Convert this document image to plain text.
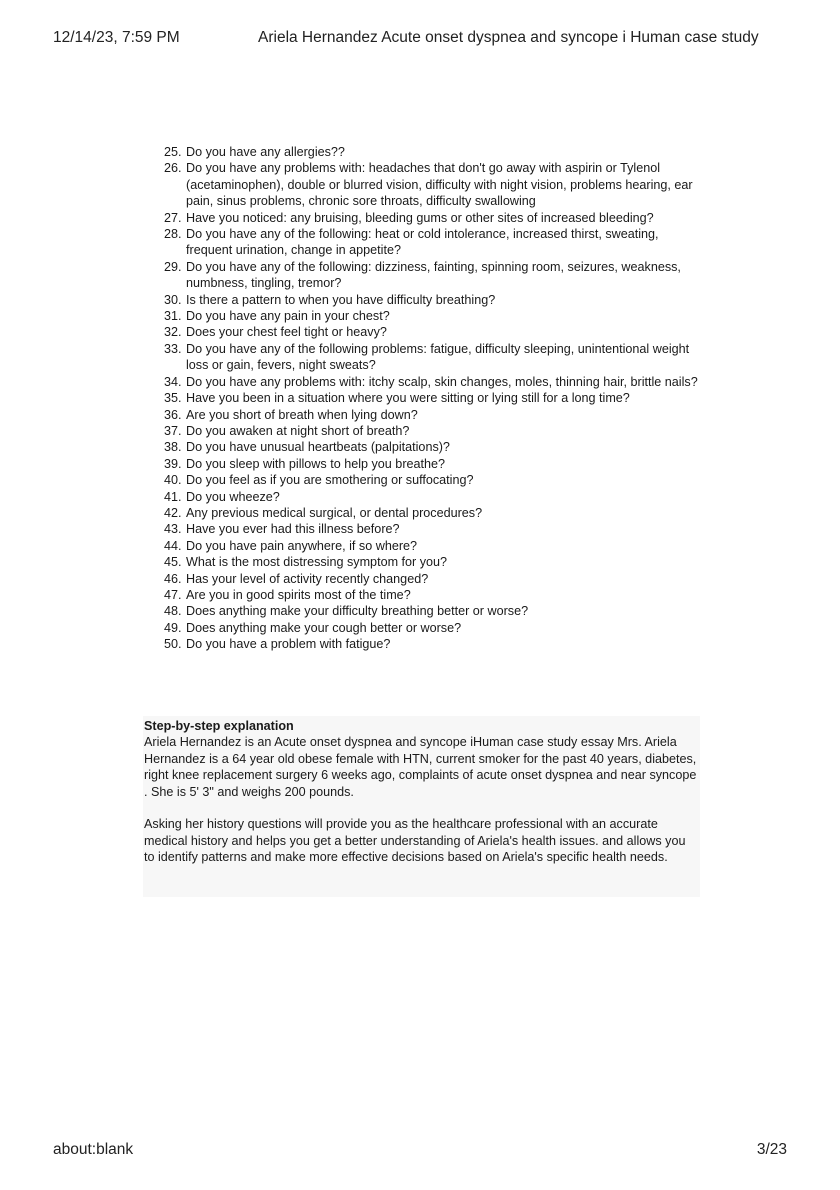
12/14/23, 7:59 PM	Ariela Hernandez Acute onset dyspnea and syncope i Human case study
25. Do you have any allergies??
26. Do you have any problems with: headaches that don't go away with aspirin or Tylenol (acetaminophen), double or blurred vision, difficulty with night vision, problems hearing, ear pain, sinus problems, chronic sore throats, difficulty swallowing
27. Have you noticed: any bruising, bleeding gums or other sites of increased bleeding?
28. Do you have any of the following: heat or cold intolerance, increased thirst, sweating, frequent urination, change in appetite?
29. Do you have any of the following: dizziness, fainting, spinning room, seizures, weakness, numbness, tingling, tremor?
30. Is there a pattern to when you have difficulty breathing?
31. Do you have any pain in your chest?
32. Does your chest feel tight or heavy?
33. Do you have any of the following problems: fatigue, difficulty sleeping, unintentional weight loss or gain, fevers, night sweats?
34. Do you have any problems with: itchy scalp, skin changes, moles, thinning hair, brittle nails?
35. Have you been in a situation where you were sitting or lying still for a long time?
36. Are you short of breath when lying down?
37. Do you awaken at night short of breath?
38. Do you have unusual heartbeats (palpitations)?
39. Do you sleep with pillows to help you breathe?
40. Do you feel as if you are smothering or suffocating?
41. Do you wheeze?
42. Any previous medical surgical, or dental procedures?
43. Have you ever had this illness before?
44. Do you have pain anywhere, if so where?
45. What is the most distressing symptom for you?
46. Has your level of activity recently changed?
47. Are you in good spirits most of the time?
48. Does anything make your difficulty breathing better or worse?
49. Does anything make your cough better or worse?
50. Do you have a problem with fatigue?
Step-by-step explanation

Ariela Hernandez is an Acute onset dyspnea and syncope iHuman case study essay Mrs. Ariela Hernandez is a 64 year old obese female with HTN, current smoker for the past 40 years, diabetes, right knee replacement surgery 6 weeks ago, complaints of acute onset dyspnea and near syncope . She is 5' 3" and weighs 200 pounds.

Asking her history questions will provide you as the healthcare professional with an accurate medical history and helps you get a better understanding of Ariela's health issues. and allows you to identify patterns and make more effective decisions based on Ariela's specific health needs.

about:blank	3/23
